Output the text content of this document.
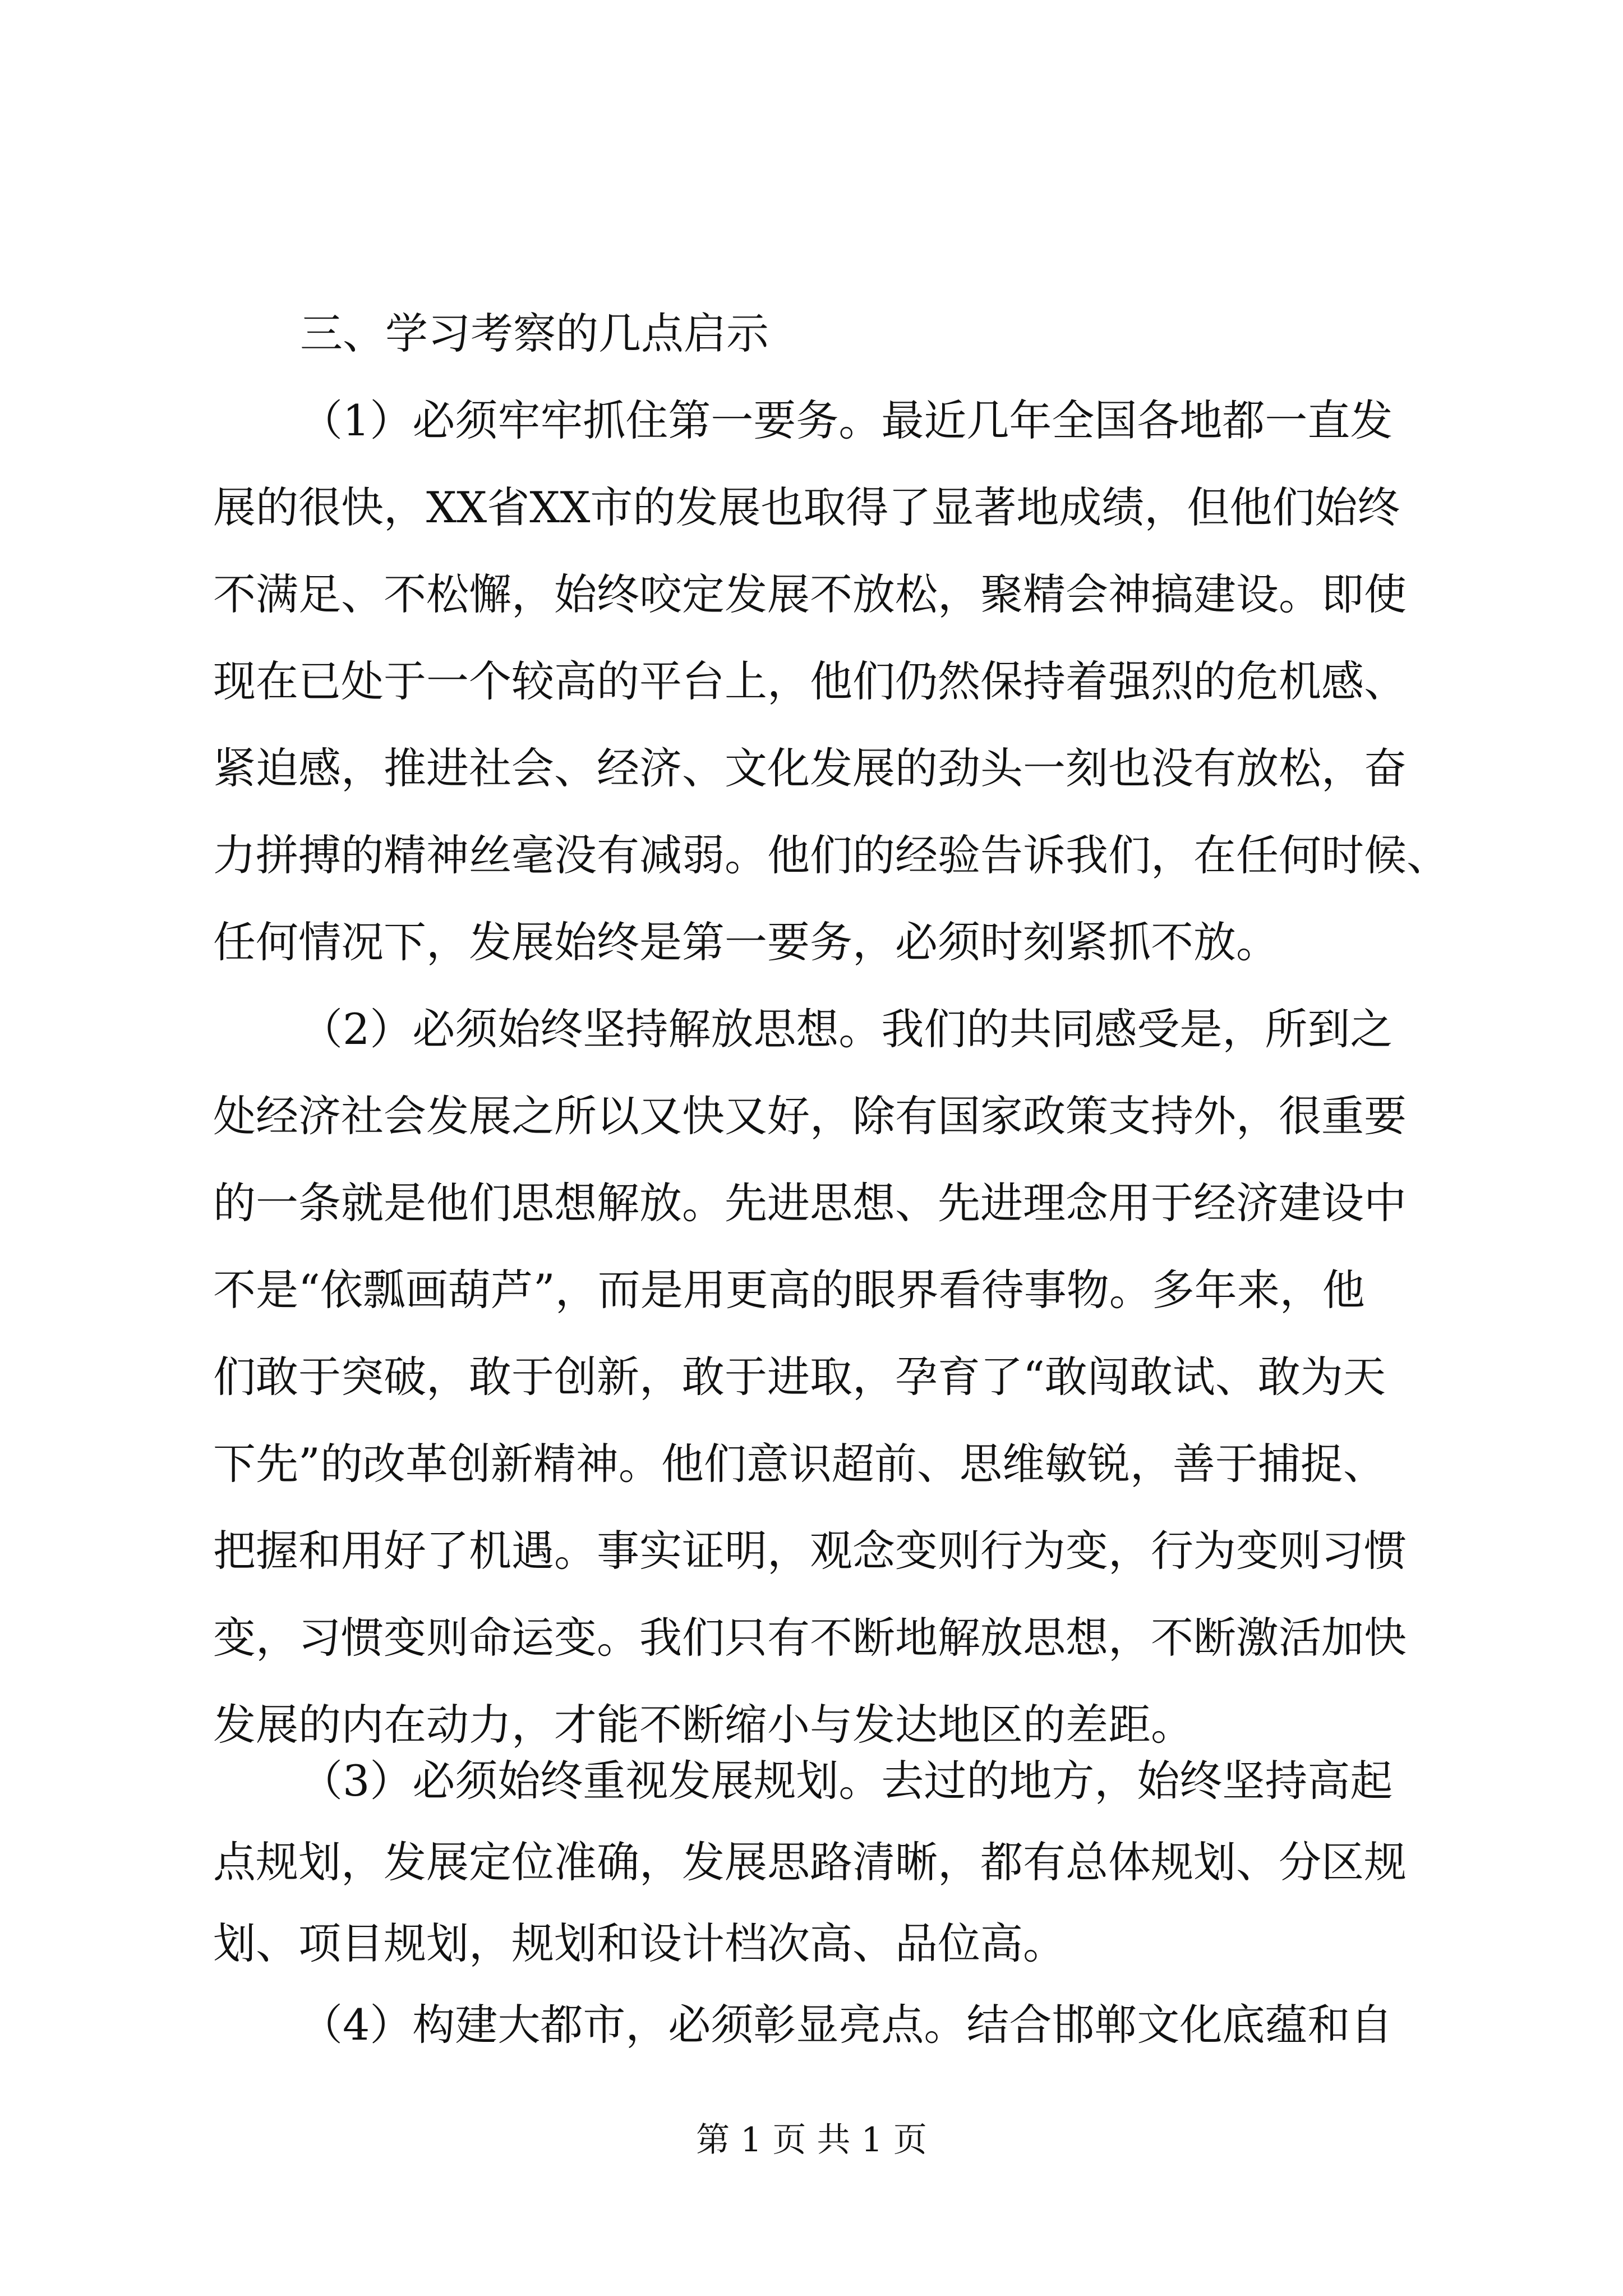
三、学习考察的几点启示
（1）必须牢牢抓住第一要务。最近几年全国各地都一直发
展的很快，XX省XX市的发展也取得了显著地成绩，但他们始终
不满足、不松懈，始终咬定发展不放松，聚精会神搞建设。即使
现在已处于一个较高的平台上，他们仍然保持着强烈的危机感、
紧迫感，推进社会、经济、文化发展的劲头一刻也没有放松，奋
力拼搏的精神丝毫没有减弱。他们的经验告诉我们，在任何时候、
任何情况下，发展始终是第一要务，必须时刻紧抓不放。
（2）必须始终坚持解放思想。我们的共同感受是，所到之
处经济社会发展之所以又快又好，除有国家政策支持外，很重要
的一条就是他们思想解放。先进思想、先进理念用于经济建设中
不是“依瓢画葫芦”，而是用更高的眼界看待事物。多年来，他
们敢于突破，敢于创新，敢于进取，孕育了“敢闯敢试、敢为天
下先”的改革创新精神。他们意识超前、思维敏锐，善于捕捉、
把握和用好了机遇。事实证明，观念变则行为变，行为变则习惯
变，习惯变则命运变。我们只有不断地解放思想，不断激活加快
发展的内在动力，才能不断缩小与发达地区的差距。
（3）必须始终重视发展规划。去过的地方，始终坚持高起
点规划，发展定位准确，发展思路清晰，都有总体规划、分区规
划、项目规划，规划和设计档次高、品位高。
（4）构建大都市，必须彰显亮点。结合邯郸文化底蕴和自
第 1 页 共 1 页
